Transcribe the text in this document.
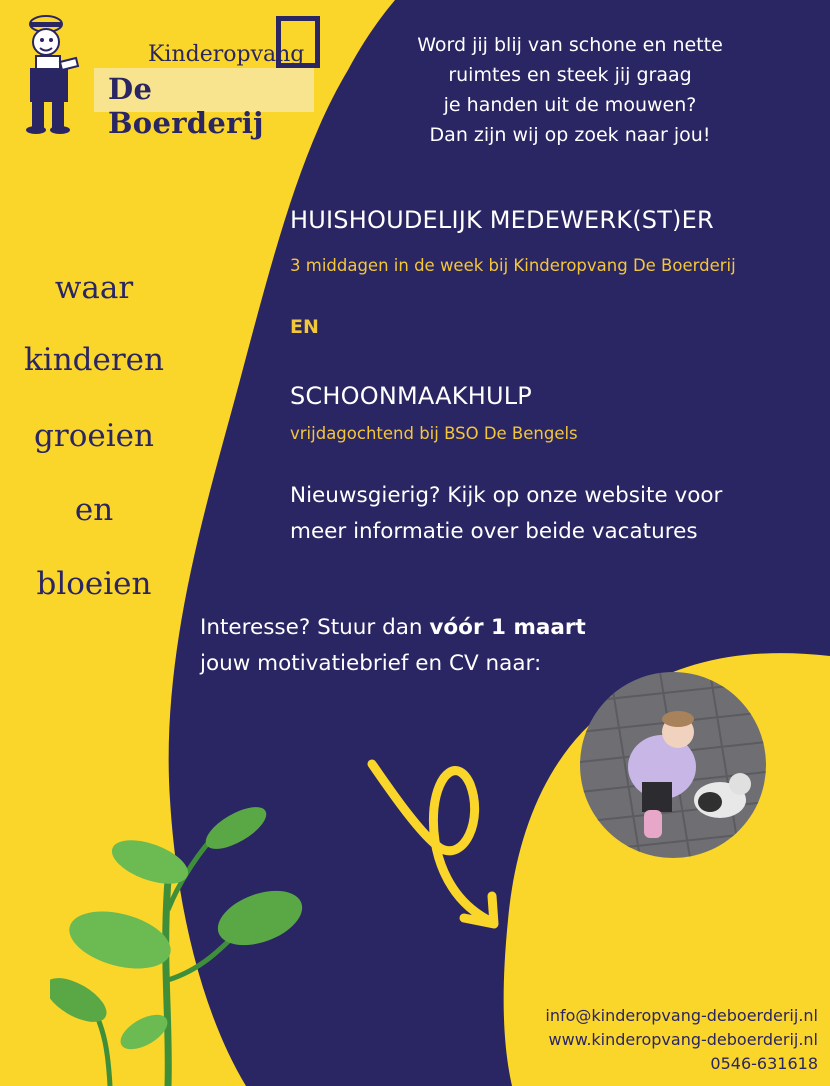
Kinderopvang
De Boerderij
Word jij blij van schone en nette
ruimtes en steek jij graag
je handen uit de mouwen?
Dan zijn wij op zoek naar jou!
HUISHOUDELIJK MEDEWERK(ST)ER
3 middagen in de week bij Kinderopvang De Boerderij
EN
SCHOONMAAKHULP
vrijdagochtend bij BSO De Bengels
Nieuwsgierig? Kijk op onze website voor
meer informatie over beide vacatures
Interesse? Stuur dan vóór 1 maart
jouw motivatiebrief en CV naar:
waar
kinderen
groeien
en
bloeien
info@kinderopvang-deboerderij.nl
www.kinderopvang-deboerderij.nl
0546-631618
